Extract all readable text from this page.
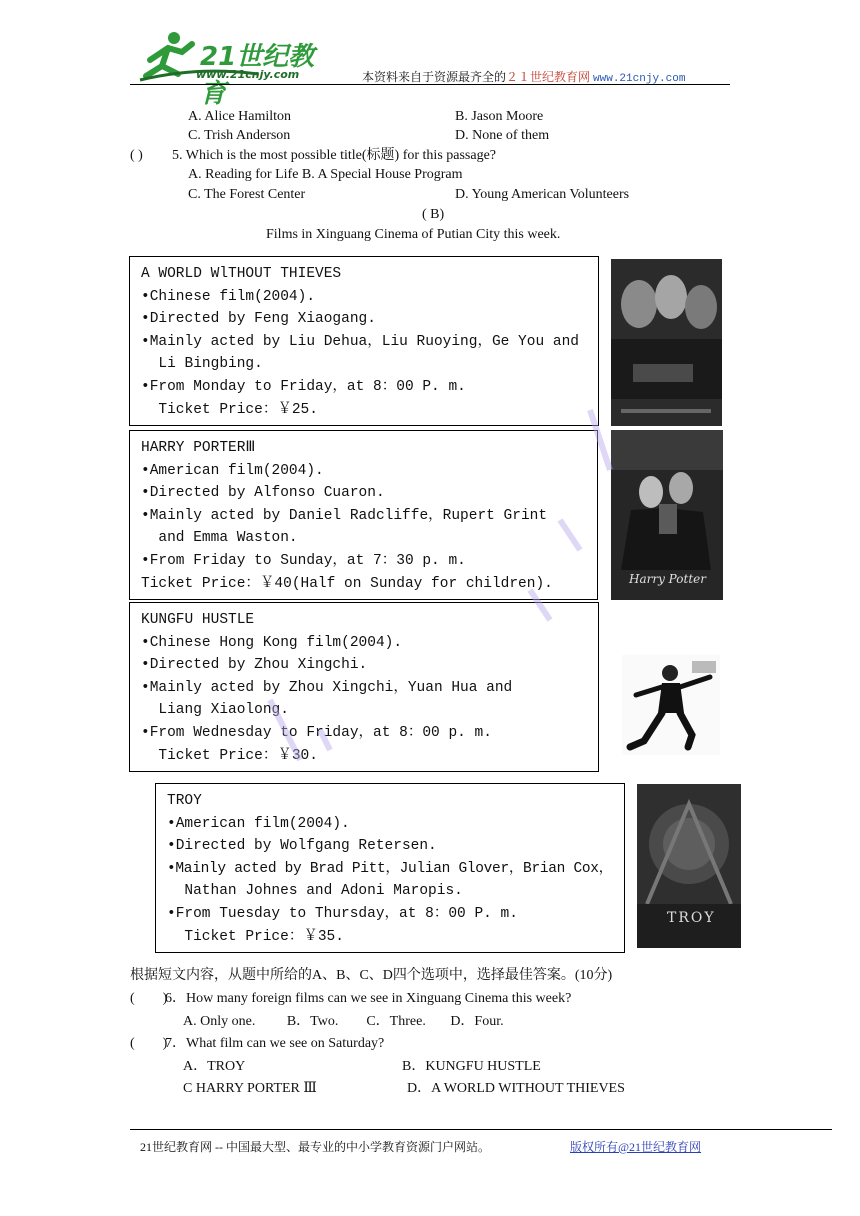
21世纪教育
www.21cnjy.com	本资料来自于资源最齐全的２１世纪教育网 www.21cnjy.com
A. Alice Hamilton	B. Jason Moore
C. Trish Anderson	D. None of them
( ) 5. Which is the most possible title(标题) for this passage?
A. Reading for Life B. A Special House Program
C. The Forest Center	D. Young American Volunteers
( B)
Films in Xinguang Cinema of Putian City this week.
A WORLD WlTHOUT THIEVES
•Chinese film(2004).
•Directed by Feng Xiaogang.
•Mainly acted by Liu Dehua，Liu Ruoying，Ge You and
Li Bingbing.
•From Monday to Friday，at 8：00 P. m.
Ticket Price：￥25.
HARRY PORTERⅢ
•American film(2004).
•Directed by Alfonso Cuaron.
•Mainly acted by Daniel Radcliffe，Rupert Grint
and Emma Waston.
•From Friday to Sunday，at 7：30 p. m.
Ticket Price：￥40(Half on Sunday for children).
KUNGFU HUSTLE
•Chinese Hong Kong film(2004).
•Directed by Zhou Xingchi.
•Mainly acted by Zhou Xingchi，Yuan Hua and
Liang Xiaolong.
•From Wednesday to Friday，at 8：00 p. m.
Ticket Price：￥30.
TROY
•American film(2004).
•Directed by Wolfgang Retersen.
•Mainly acted by Brad Pitt，Julian Glover，Brian Cox，
Nathan Johnes and Adoni Maropis.
•From Tuesday to Thursday，at 8：00 P. m.
Ticket Price：￥35.
Harry Potter
TROY
根据短文内容，从题中所给的A、B、C、D四个选项中，选择最佳答案。(10分)
(        )
6．How many foreign films can we see in Xinguang Cinema this week?
A. Only one.         B．Two.        C．Three.       D．Four.
(        )
7．What film can we see on Saturday?
A．TROY	B．KUNGFU HUSTLE
C HARRY PORTER Ⅲ	D．A WORLD WITHOUT THIEVES
21世纪教育网 -- 中国最大型、最专业的中小学教育资源门户网站。	版权所有@21世纪教育网
